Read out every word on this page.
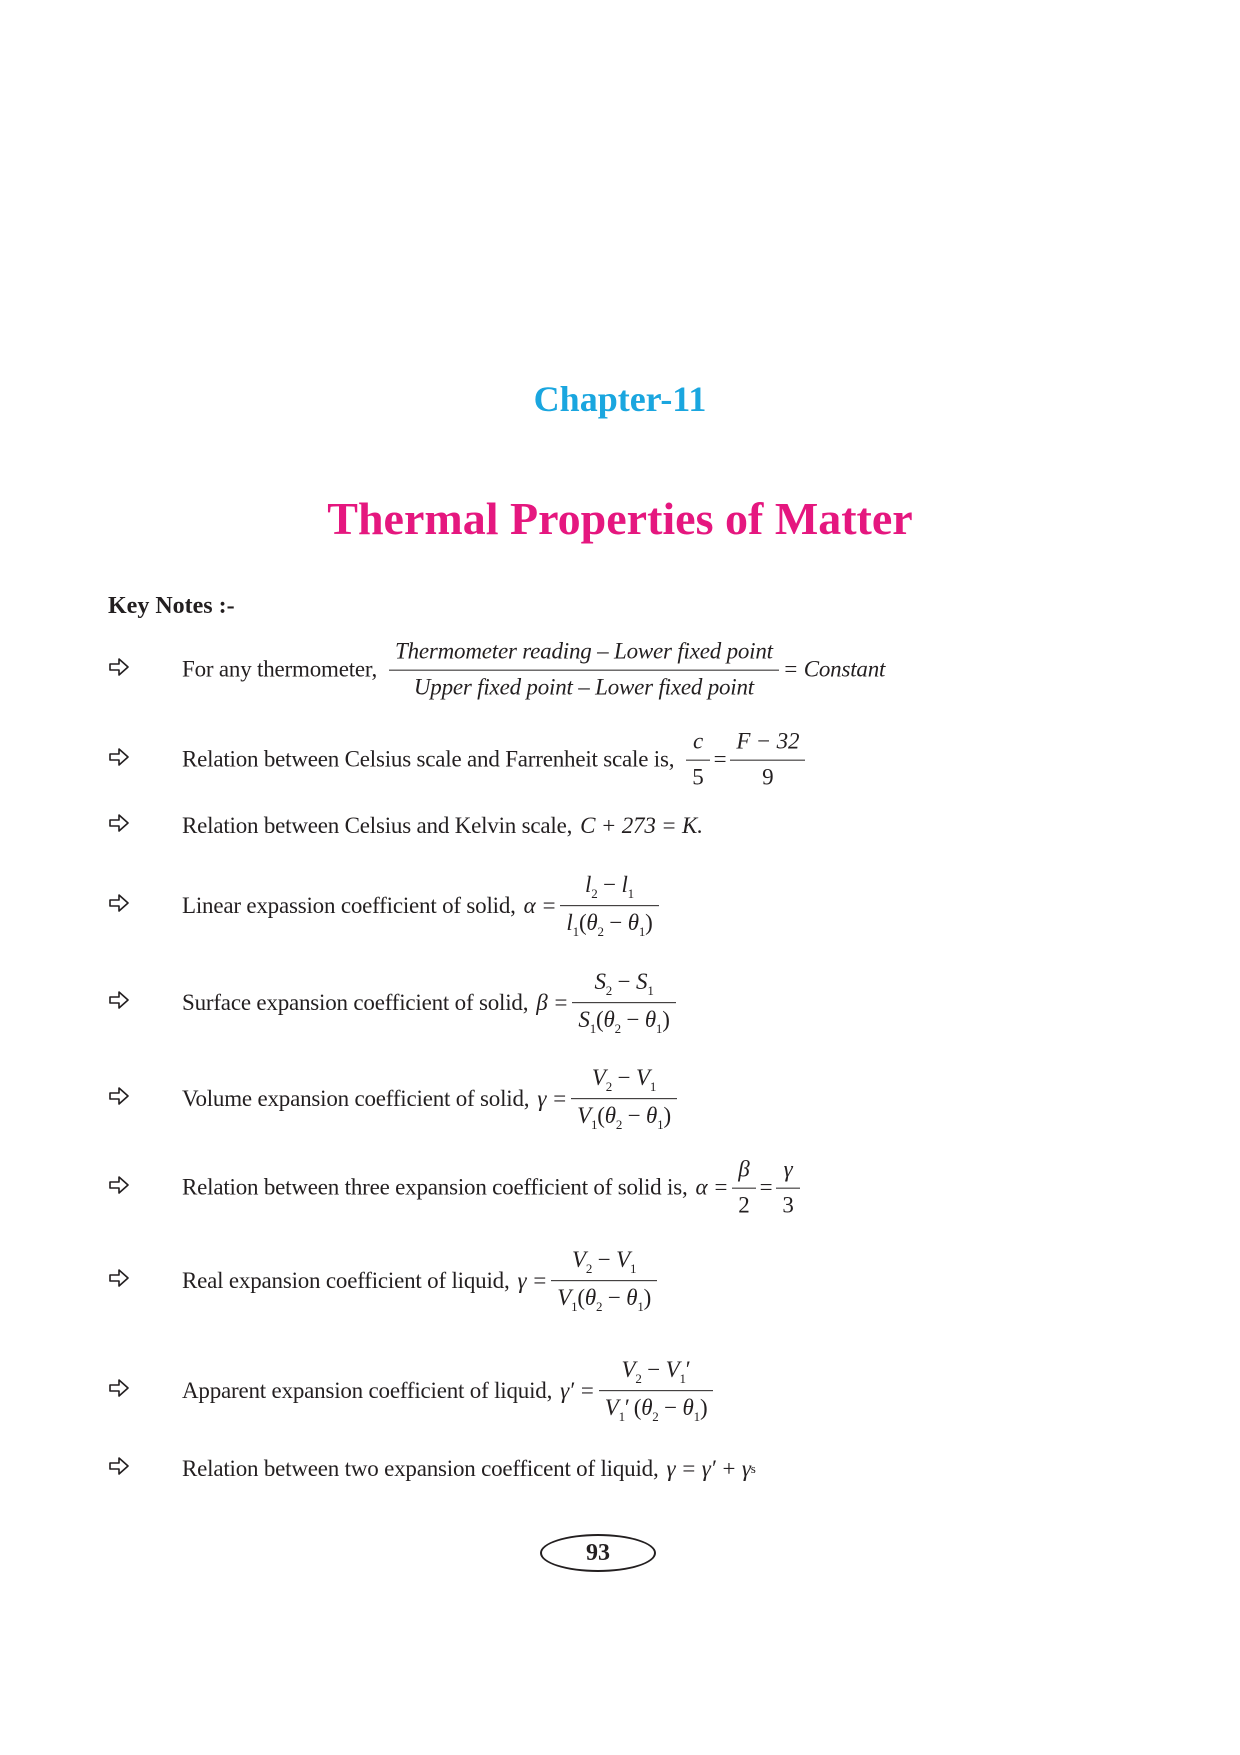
Chapter-11
Thermal Properties of Matter
Key Notes :-
For any thermometer, $\frac{\text{Thermometer reading – Lower fixed point}}{\text{Upper fixed point – Lower fixed point}}$ = Constant
Relation between Celsius scale and Farrenheit scale is, $\frac{c}{5} = \frac{F - 32}{9}$
Relation between Celsius and Kelvin scale, C + 273 = K.
Linear expassion coefficient of solid, $\alpha = \frac{l_2 - l_1}{l_1(\theta_2 - \theta_1)}$
Surface expansion coefficient of solid, $\beta = \frac{S_2 - S_1}{S_1(\theta_2 - \theta_1)}$
Volume expansion coefficient of solid, $\gamma = \frac{V_2 - V_1}{V_1(\theta_2 - \theta_1)}$
Relation between three expansion coefficient of solid is, $\alpha = \frac{\beta}{2} = \frac{\gamma}{3}$
Real expansion coefficient of liquid, $\gamma = \frac{V_2 - V_1}{V_1(\theta_2 - \theta_1)}$
Apparent expansion coefficient of liquid, $\gamma' = \frac{V_2 - V_1'}{V_1' (\theta_2 - \theta_1)}$
Relation between two expansion coefficent of liquid, γ = γ′ + γ s
93
